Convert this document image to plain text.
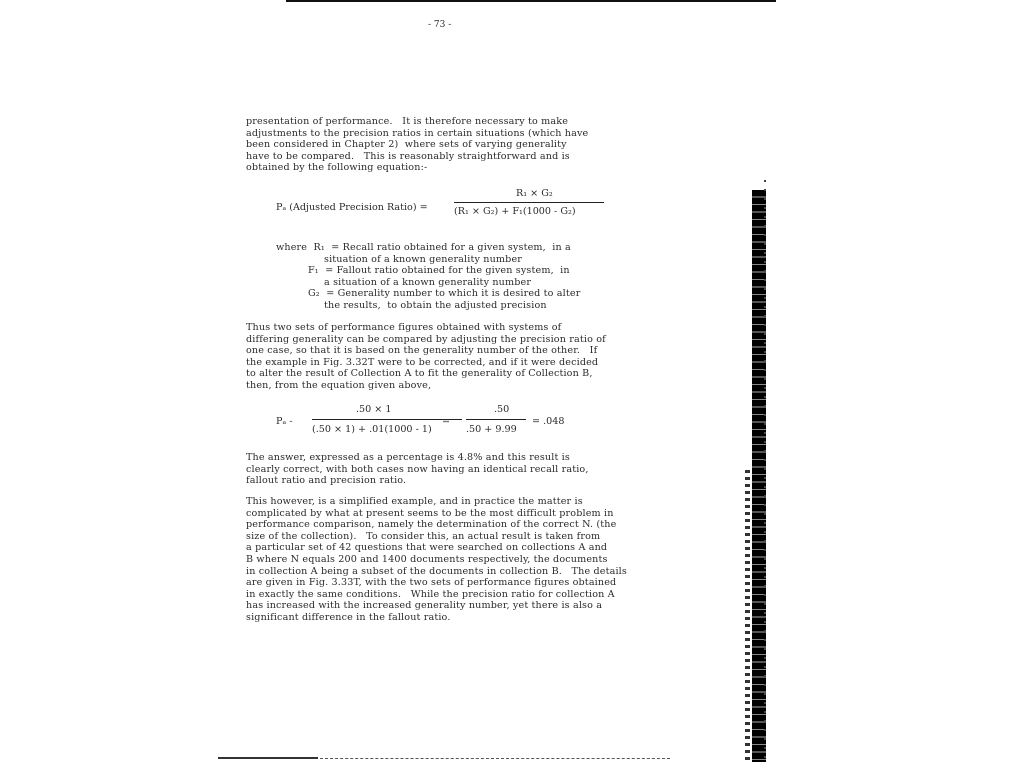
- 73 -
presentation of performance.   It is therefore necessary to make
adjustments to the precision ratios in certain situations (which have
been considered in Chapter 2)  where sets of varying generality
have to be compared.   This is reasonably straightforward and is
obtained by the following equation:-
Pₐ (Adjusted Precision Ratio) =
R₁ × G₂
(R₁ × G₂) + F₁(1000 - G₂)
where  R₁  = Recall ratio obtained for a given system,  in a
situation of a known generality number
F₁  = Fallout ratio obtained for the given system,  in
a situation of a known generality number
G₂  = Generality number to which it is desired to alter
the results,  to obtain the adjusted precision
Thus two sets of performance figures obtained with systems of
differing generality can be compared by adjusting the precision ratio of
one case, so that it is based on the generality number of the other.   If
the example in Fig. 3.32T were to be corrected, and if it were decided
to alter the result of Collection A to fit the generality of Collection B,
then, from the equation given above,
Pₐ -
.50 × 1
(.50 × 1) + .01(1000 - 1)
=
.50
.50 + 9.99
= .048
The answer, expressed as a percentage is 4.8% and this result is
clearly correct, with both cases now having an identical recall ratio,
fallout ratio and precision ratio.
This however, is a simplified example, and in practice the matter is
complicated by what at present seems to be the most difficult problem in
performance comparison, namely the determination of the correct N. (the
size of the collection).   To consider this, an actual result is taken from
a particular set of 42 questions that were searched on collections A and
B where N equals 200 and 1400 documents respectively, the documents
in collection A being a subset of the documents in collection B.   The details
are given in Fig. 3.33T, with the two sets of performance figures obtained
in exactly the same conditions.   While the precision ratio for collection A
has increased with the increased generality number, yet there is also a
significant difference in the fallout ratio.
